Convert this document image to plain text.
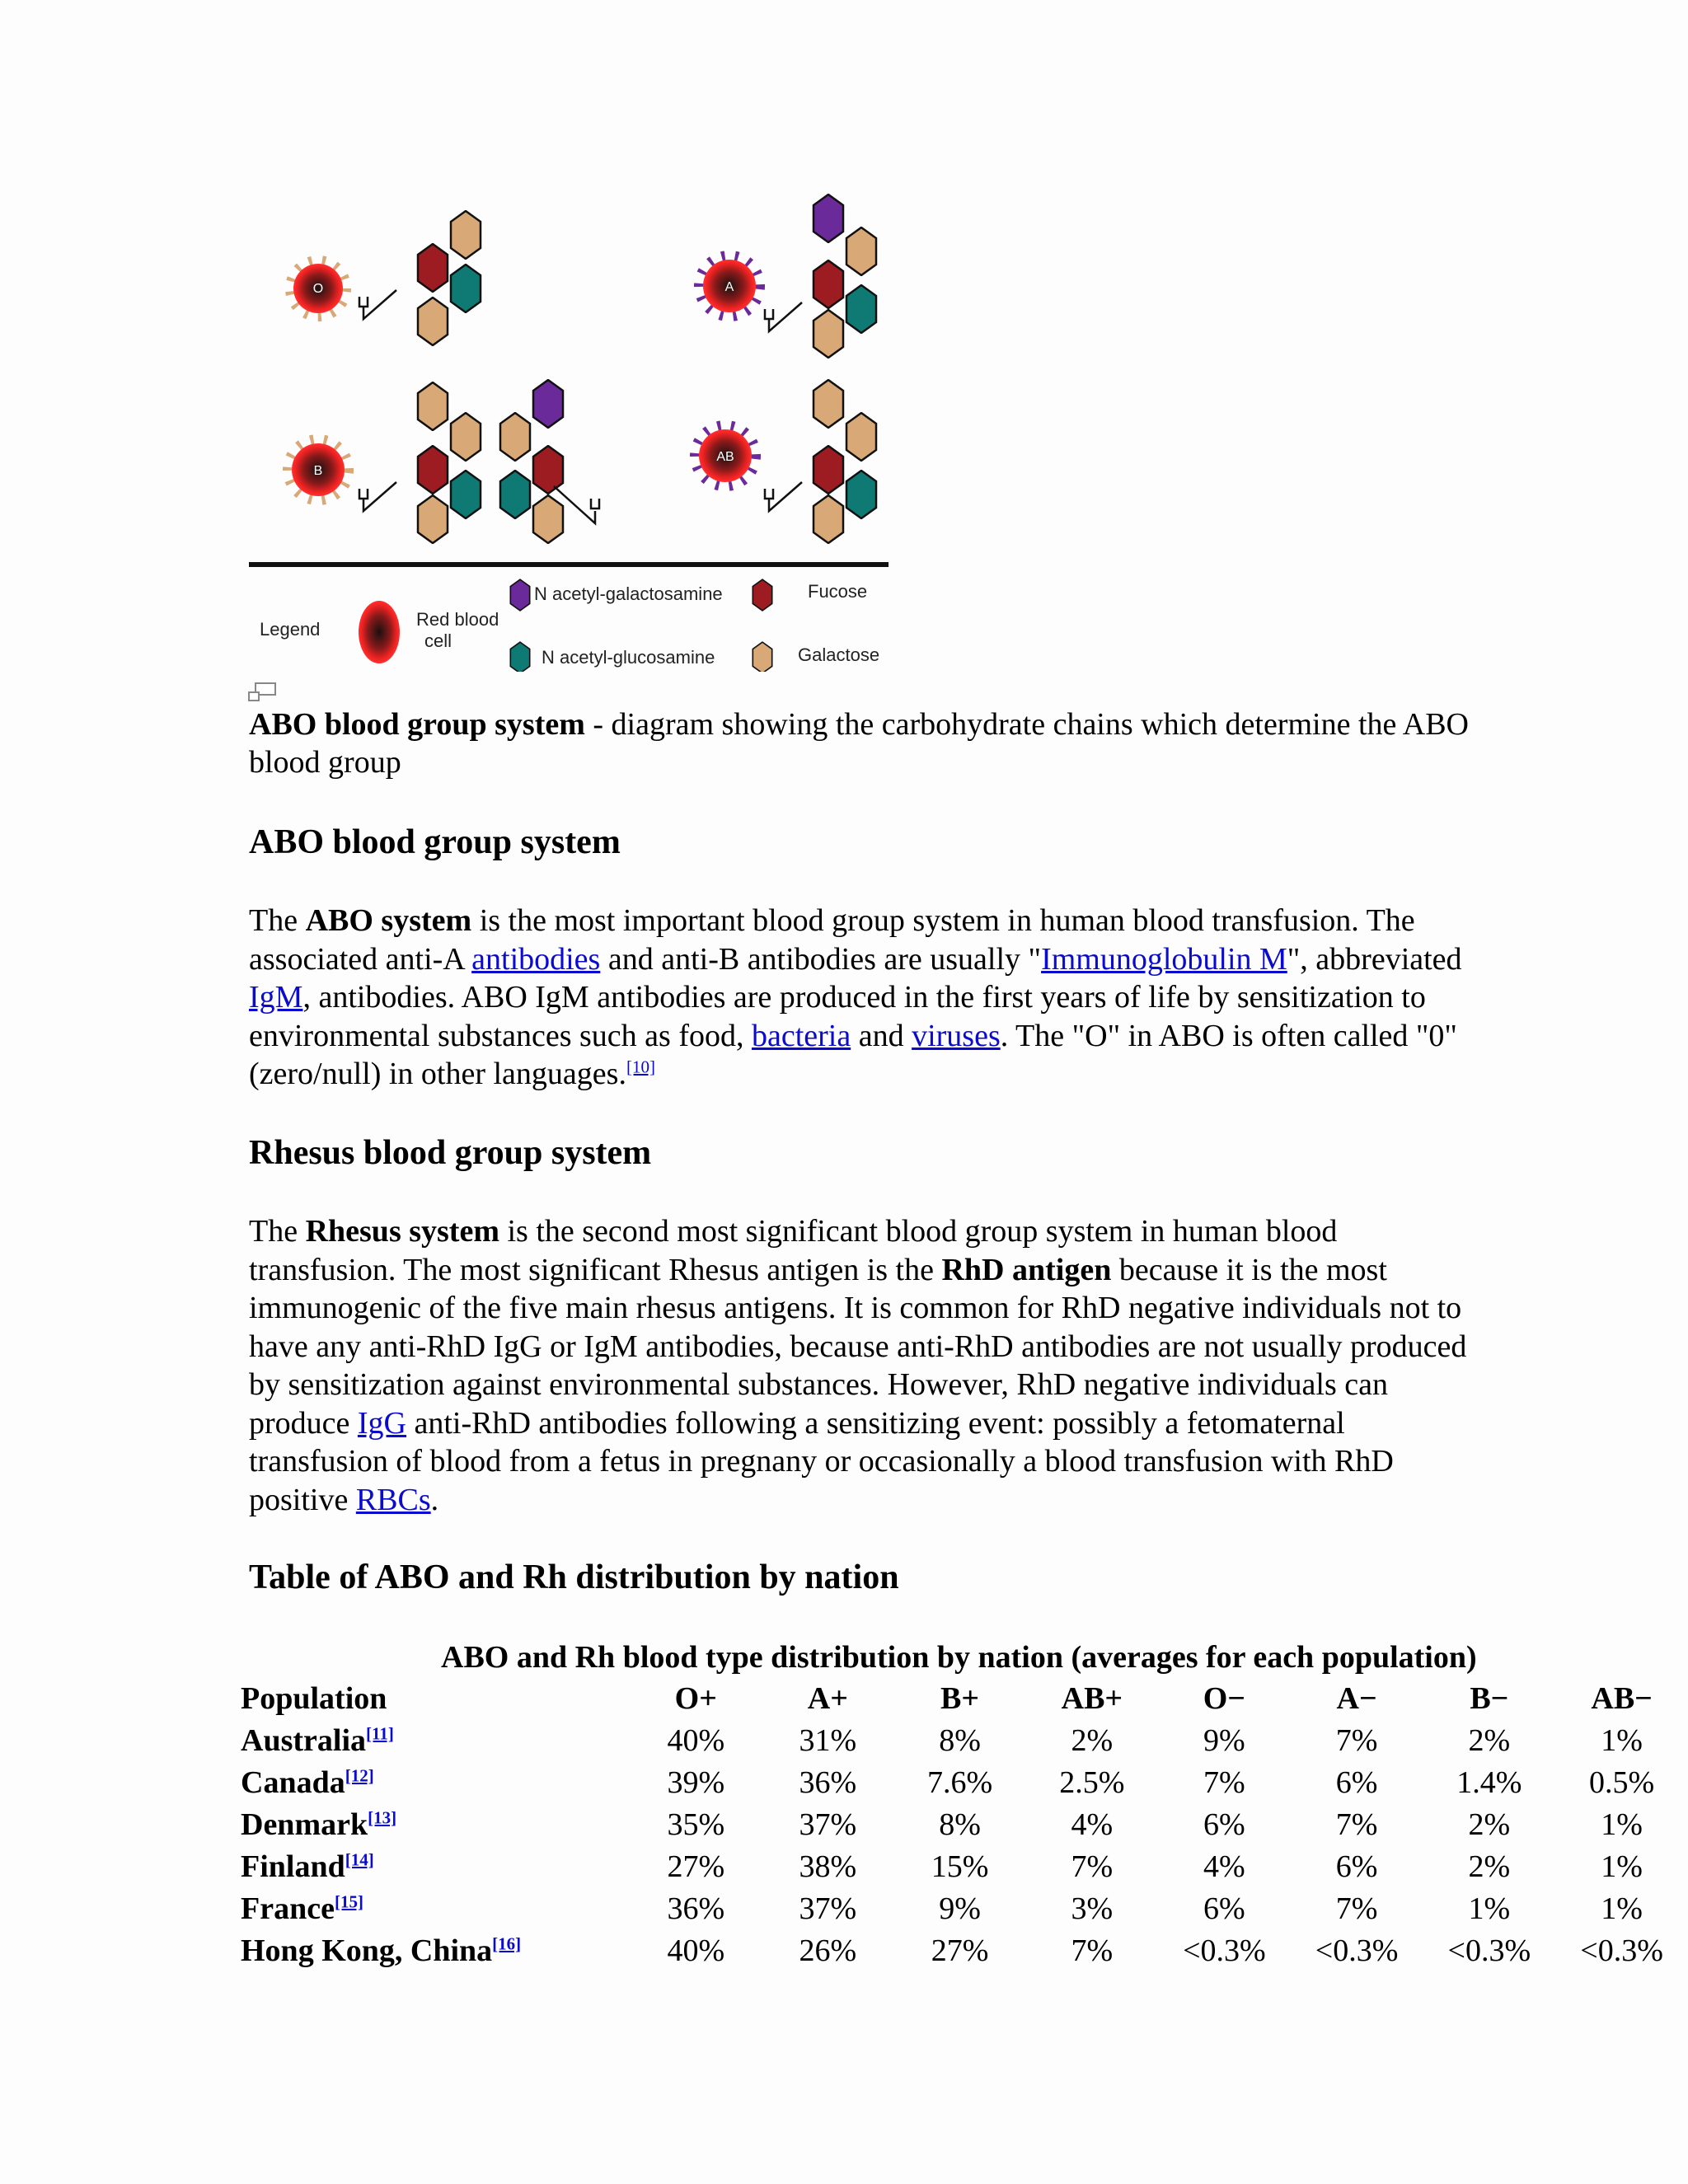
O	A
B
AB
Legend	Red blood
cell
N acetyl-galactosamine	Fucose
N acetyl-glucosamine	Galactose
ABO blood group system - diagram showing the carbohydrate chains which determine the ABO blood group
ABO blood group system

The ABO system is the most important blood group system in human blood transfusion. The associated anti-A antibodies and anti-B antibodies are usually "Immunoglobulin M", abbreviated IgM, antibodies. ABO IgM antibodies are produced in the first years of life by sensitization to environmental substances such as food, bacteria and viruses. The "O" in ABO is often called "0" (zero/null) in other languages.[10]

Rhesus blood group system

The Rhesus system is the second most significant blood group system in human blood transfusion. The most significant Rhesus antigen is the RhD antigen because it is the most immunogenic of the five main rhesus antigens. It is common for RhD negative individuals not to have any anti-RhD IgG or IgM antibodies, because anti-RhD antibodies are not usually produced by sensitization against environmental substances. However, RhD negative individuals can produce IgG anti-RhD antibodies following a sensitizing event: possibly a fetomaternal transfusion of blood from a fetus in pregnany or occasionally a blood transfusion with RhD positive RBCs.

Table of ABO and Rh distribution by nation
ABO and Rh blood type distribution by nation (averages for each population)
Population	O+	A+	B+	AB+	O−	A−	B−	AB−
Australia[11]	40%	31%	8%	2%	9%	7%	2%	1%
Canada[12]	39%	36%	7.6%	2.5%	7%	6%	1.4%	0.5%
Denmark[13]	35%	37%	8%	4%	6%	7%	2%	1%
Finland[14]	27%	38%	15%	7%	4%	6%	2%	1%
France[15]	36%	37%	9%	3%	6%	7%	1%	1%
Hong Kong, China[16]	40%	26%	27%	7%	<0.3%	<0.3%	<0.3%	<0.3%
